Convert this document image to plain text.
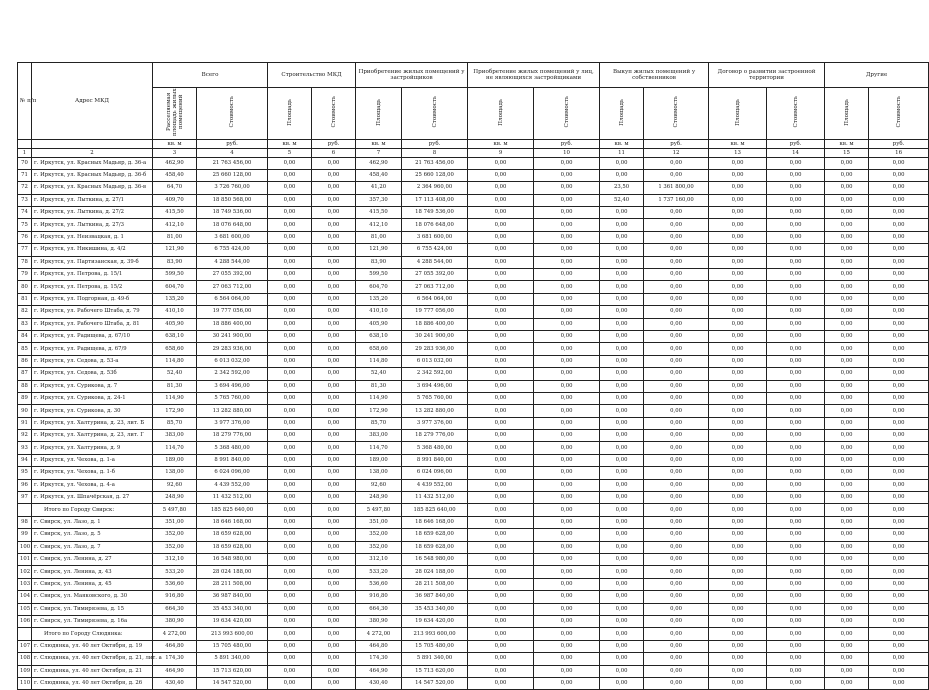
№ п/п	Адрес МКД	Всего		Строительство МКД		Приобретение жилых помещений у застройщиков		Приобретение жилых помещений у лиц, не являющихся застройщиками		Выкуп жилых помещений у собственников		Договор о развитии застроенной территории		Другие	
		Расселяемая площадь жилых помещений	Стоимость	Площадь	Стоимость	Площадь	Стоимость	Площадь	Стоимость	Площадь	Стоимость	Площадь	Стоимость	Площадь	Стоимость
		кв. м	руб.	кв. м	руб.	кв. м	руб.	кв. м	руб.	кв. м	руб.	кв. м	руб.	кв. м	руб.
1	2	3	4	5	6	7	8	9	10	11	12	13	14	15	16
70	г. Иркутск, ул. Красных Мадьяр, д. 36-а	462,90	21 763 456,00	0,00	0,00	462,90	21 763 456,00	0,00	0,00	0,00	0,00	0,00	0,00	0,00	0,00
71	г. Иркутск, ул. Красных Мадьяр, д. 36-б	458,40	25 660 128,00	0,00	0,00	458,40	25 660 128,00	0,00	0,00	0,00	0,00	0,00	0,00	0,00	0,00
72	г. Иркутск, ул. Красных Мадьяр, д. 36-в	64,70	3 726 760,00	0,00	0,00	41,20	2 364 960,00	0,00	0,00	23,50	1 361 800,00	0,00	0,00	0,00	0,00
73	г. Иркутск, ул. Лыткина, д. 27/1	409,70	18 850 568,00	0,00	0,00	357,30	17 113 408,00	0,00	0,00	52,40	1 737 160,00	0,00	0,00	0,00	0,00
74	г. Иркутск, ул. Лыткина, д. 27/2	415,50	18 749 536,00	0,00	0,00	415,50	18 749 536,00	0,00	0,00	0,00	0,00	0,00	0,00	0,00	0,00
75	г. Иркутск, ул. Лыткина, д. 27/3	412,10	18 076 648,00	0,00	0,00	412,10	18 076 648,00	0,00	0,00	0,00	0,00	0,00	0,00	0,00	0,00
76	г. Иркутск, ул. Неизвацкая, д. 1	81,00	3 681 600,00	0,00	0,00	81,00	3 681 600,00	0,00	0,00	0,00	0,00	0,00	0,00	0,00	0,00
77	г. Иркутск, ул. Никишина, д. 4/2	121,90	6 755 424,00	0,00	0,00	121,90	6 755 424,00	0,00	0,00	0,00	0,00	0,00	0,00	0,00	0,00
78	г. Иркутск, ул. Партизанская, д. 39-б	83,90	4 288 544,00	0,00	0,00	83,90	4 288 544,00	0,00	0,00	0,00	0,00	0,00	0,00	0,00	0,00
79	г. Иркутск, ул. Петрова, д. 15/1	599,50	27 055 392,00	0,00	0,00	599,50	27 055 392,00	0,00	0,00	0,00	0,00	0,00	0,00	0,00	0,00
80	г. Иркутск, ул. Петрова, д. 15/2	604,70	27 063 712,00	0,00	0,00	604,70	27 063 712,00	0,00	0,00	0,00	0,00	0,00	0,00	0,00	0,00
81	г. Иркутск, ул. Подгорная, д. 49-б	135,20	6 564 064,00	0,00	0,00	135,20	6 564 064,00	0,00	0,00	0,00	0,00	0,00	0,00	0,00	0,00
82	г. Иркутск, ул. Рабочего Штаба, д. 79	410,10	19 777 056,00	0,00	0,00	410,10	19 777 056,00	0,00	0,00	0,00	0,00	0,00	0,00	0,00	0,00
83	г. Иркутск, ул. Рабочего Штаба, д. 81	405,90	18 886 400,00	0,00	0,00	405,90	18 886 400,00	0,00	0,00	0,00	0,00	0,00	0,00	0,00	0,00
84	г. Иркутск, ул. Радищева, д. 67/10	638,10	30 241 900,00	0,00	0,00	638,10	30 241 900,00	0,00	0,00	0,00	0,00	0,00	0,00	0,00	0,00
85	г. Иркутск, ул. Радищева, д. 67/9	658,60	29 283 936,00	0,00	0,00	658,60	29 283 936,00	0,00	0,00	0,00	0,00	0,00	0,00	0,00	0,00
86	г. Иркутск, ул. Седова, д. 53-а	114,80	6 013 032,00	0,00	0,00	114,80	6 013 032,00	0,00	0,00	0,00	0,00	0,00	0,00	0,00	0,00
87	г. Иркутск, ул. Седова, д. 53б	52,40	2 342 592,00	0,00	0,00	52,40	2 342 592,00	0,00	0,00	0,00	0,00	0,00	0,00	0,00	0,00
88	г. Иркутск, ул. Сурикова, д. 7	81,30	3 694 496,00	0,00	0,00	81,30	3 694 496,00	0,00	0,00	0,00	0,00	0,00	0,00	0,00	0,00
89	г. Иркутск, ул. Сурикова, д. 24-1	114,90	5 765 760,00	0,00	0,00	114,90	5 765 760,00	0,00	0,00	0,00	0,00	0,00	0,00	0,00	0,00
90	г. Иркутск, ул. Сурикова, д. 30	172,90	13 282 880,00	0,00	0,00	172,90	13 282 880,00	0,00	0,00	0,00	0,00	0,00	0,00	0,00	0,00
91	г. Иркутск, ул. Халтурина, д. 23, лит. Б	85,70	3 977 376,00	0,00	0,00	85,70	3 977 376,00	0,00	0,00	0,00	0,00	0,00	0,00	0,00	0,00
92	г. Иркутск, ул. Халтурина, д. 23, лит. Г	383,00	18 279 776,00	0,00	0,00	383,00	18 279 776,00	0,00	0,00	0,00	0,00	0,00	0,00	0,00	0,00
93	г. Иркутск, ул. Халтурина, д. 9	114,70	5 368 480,00	0,00	0,00	114,70	5 368 480,00	0,00	0,00	0,00	0,00	0,00	0,00	0,00	0,00
94	г. Иркутск, ул. Чехова, д. 1-а	189,00	8 991 840,00	0,00	0,00	189,00	8 991 840,00	0,00	0,00	0,00	0,00	0,00	0,00	0,00	0,00
95	г. Иркутск, ул. Чехова, д. 1-б	138,00	6 024 096,00	0,00	0,00	138,00	6 024 096,00	0,00	0,00	0,00	0,00	0,00	0,00	0,00	0,00
96	г. Иркутск, ул. Чехова, д. 4-а	92,60	4 439 552,00	0,00	0,00	92,60	4 439 552,00	0,00	0,00	0,00	0,00	0,00	0,00	0,00	0,00
97	г. Иркутск, ул. Шпачёрская, д. 27	248,90	11 432 512,00	0,00	0,00	248,90	11 432 512,00	0,00	0,00	0,00	0,00	0,00	0,00	0,00	0,00
	Итого по Городу Свирск:	5 497,80	185 825 640,00	0,00	0,00	5 497,80	185 825 640,00	0,00	0,00	0,00	0,00	0,00	0,00	0,00	0,00
98	г. Свирск, ул. Лазо, д. 1	351,00	18 646 168,00	0,00	0,00	351,00	18 646 168,00	0,00	0,00	0,00	0,00	0,00	0,00	0,00	0,00
99	г. Свирск, ул. Лазо, д. 5	352,00	18 659 628,00	0,00	0,00	352,00	18 659 628,00	0,00	0,00	0,00	0,00	0,00	0,00	0,00	0,00
100	г. Свирск, ул. Лазо, д. 7	352,00	18 659 628,00	0,00	0,00	352,00	18 659 628,00	0,00	0,00	0,00	0,00	0,00	0,00	0,00	0,00
101	г. Свирск, ул. Ленина, д. 27	312,10	16 548 980,00	0,00	0,00	312,10	16 548 980,00	0,00	0,00	0,00	0,00	0,00	0,00	0,00	0,00
102	г. Свирск, ул. Ленина, д. 43	533,20	28 024 188,00	0,00	0,00	533,20	28 024 188,00	0,00	0,00	0,00	0,00	0,00	0,00	0,00	0,00
103	г. Свирск, ул. Ленина, д. 45	536,60	28 211 508,00	0,00	0,00	536,60	28 211 508,00	0,00	0,00	0,00	0,00	0,00	0,00	0,00	0,00
104	г. Свирск, ул. Маяковского, д. 30	916,80	36 987 840,00	0,00	0,00	916,80	36 987 840,00	0,00	0,00	0,00	0,00	0,00	0,00	0,00	0,00
105	г. Свирск, ул. Тимирязева, д. 15	664,30	35 453 340,00	0,00	0,00	664,30	35 453 340,00	0,00	0,00	0,00	0,00	0,00	0,00	0,00	0,00
106	г. Свирск, ул. Тимирязева, д. 16а	380,90	19 634 420,00	0,00	0,00	380,90	19 634 420,00	0,00	0,00	0,00	0,00	0,00	0,00	0,00	0,00
	Итого по Городу Слюдянка:	4 272,00	213 993 600,00	0,00	0,00	4 272,00	213 993 600,00	0,00	0,00	0,00	0,00	0,00	0,00	0,00	0,00
107	г. Слюдянка, ул. 40 лет Октября, д. 19	464,80	15 705 480,00	0,00	0,00	464,80	15 705 480,00	0,00	0,00	0,00	0,00	0,00	0,00	0,00	0,00
108	г. Слюдянка, ул. 40 лет Октября, д. 21, лит. а	174,30	5 891 340,00	0,00	0,00	174,30	5 891 340,00	0,00	0,00	0,00	0,00	0,00	0,00	0,00	0,00
109	г. Слюдянка, ул. 40 лет Октября, д. 21	464,90	15 713 620,00	0,00	0,00	464,90	15 713 620,00	0,00	0,00	0,00	0,00	0,00	0,00	0,00	0,00
110	г. Слюдянка, ул. 40 лет Октября, д. 26	430,40	14 547 520,00	0,00	0,00	430,40	14 547 520,00	0,00	0,00	0,00	0,00	0,00	0,00	0,00	0,00
